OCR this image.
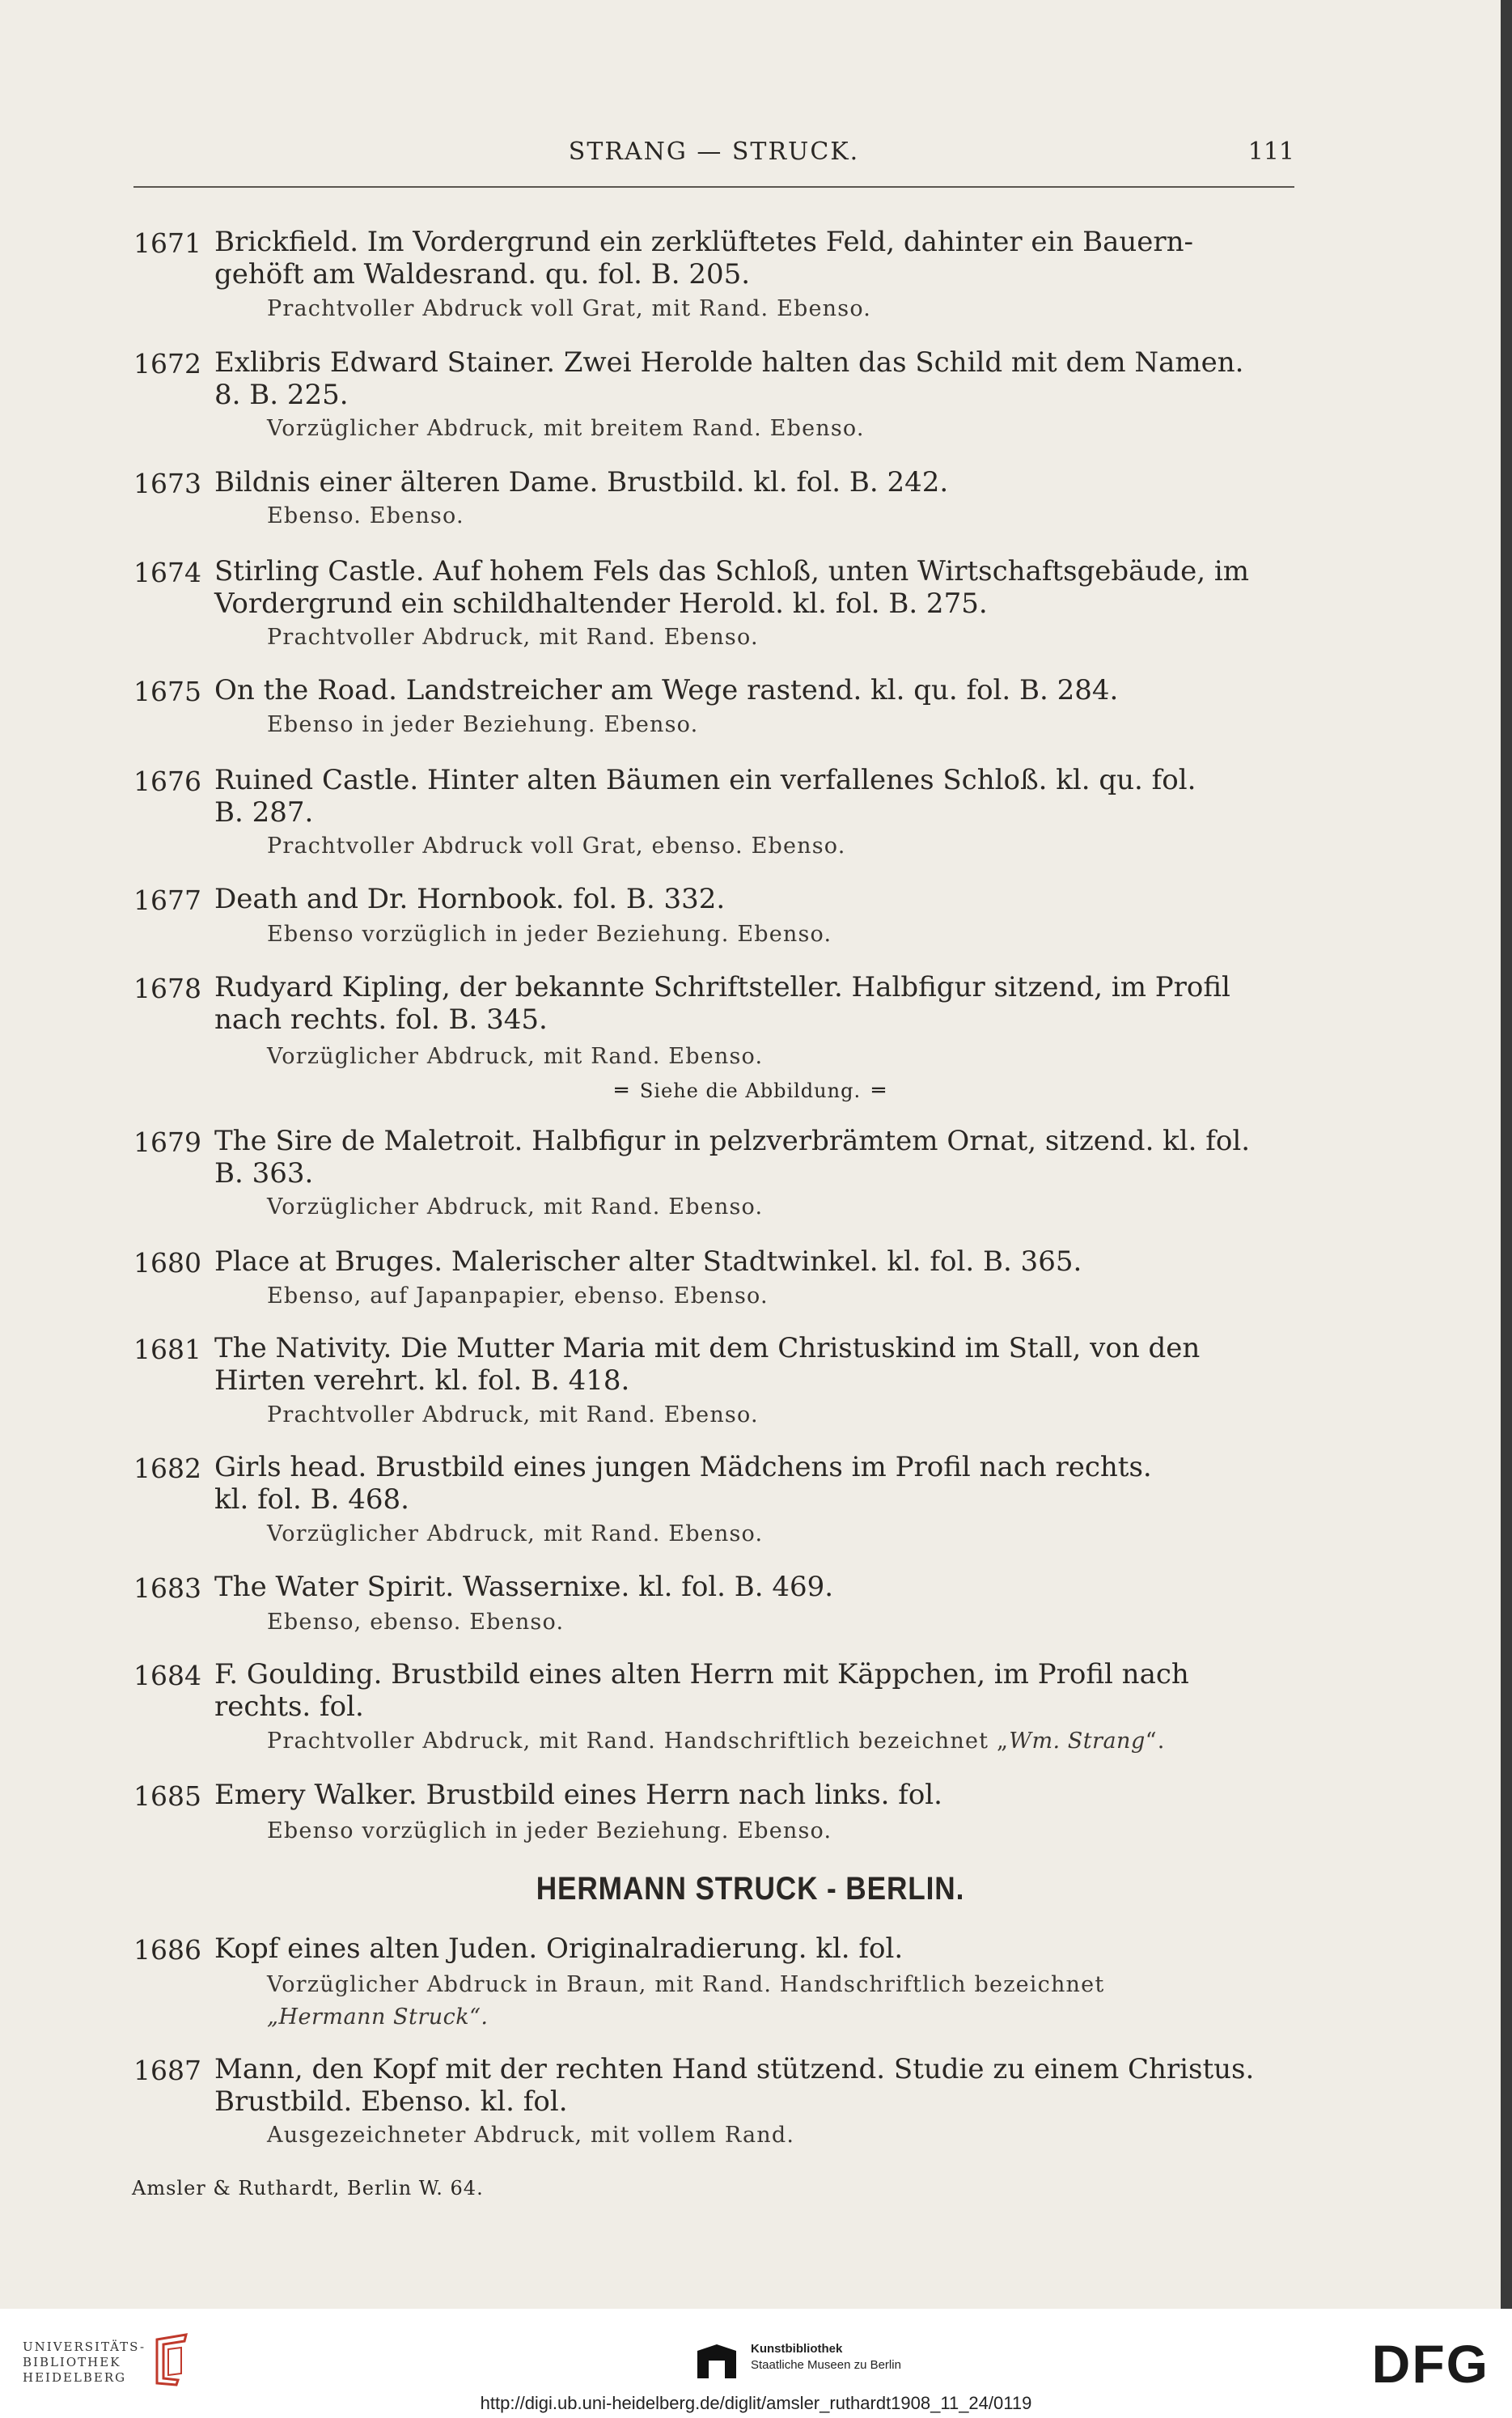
STRANG — STRUCK.	111
1671 Brickfield. Im Vordergrund ein zerklüftetes Feld, dahinter ein Bauern-
gehöft am Waldesrand. qu. fol. B. 205.
Prachtvoller Abdruck voll Grat, mit Rand. Ebenso.
1672 Exlibris Edward Stainer. Zwei Herolde halten das Schild mit dem Namen.
8. B. 225.
Vorzüglicher Abdruck, mit breitem Rand. Ebenso.
1673 Bildnis einer älteren Dame. Brustbild. kl. fol. B. 242.
Ebenso. Ebenso.
1674 Stirling Castle. Auf hohem Fels das Schloß, unten Wirtschaftsgebäude, im
Vordergrund ein schildhaltender Herold. kl. fol. B. 275.
Prachtvoller Abdruck, mit Rand. Ebenso.
1675 On the Road. Landstreicher am Wege rastend. kl. qu. fol. B. 284.
Ebenso in jeder Beziehung. Ebenso.
1676 Ruined Castle. Hinter alten Bäumen ein verfallenes Schloß. kl. qu. fol.
B. 287.
Prachtvoller Abdruck voll Grat, ebenso. Ebenso.
1677 Death and Dr. Hornbook. fol. B. 332.
Ebenso vorzüglich in jeder Beziehung. Ebenso.
1678 Rudyard Kipling, der bekannte Schriftsteller. Halbfigur sitzend, im Profil
nach rechts. fol. B. 345.
Vorzüglicher Abdruck, mit Rand. Ebenso.
═ Siehe die Abbildung. ═
1679 The Sire de Maletroit. Halbfigur in pelzverbrämtem Ornat, sitzend. kl. fol.
B. 363.
Vorzüglicher Abdruck, mit Rand. Ebenso.
1680 Place at Bruges. Malerischer alter Stadtwinkel. kl. fol. B. 365.
Ebenso, auf Japanpapier, ebenso. Ebenso.
1681 The Nativity. Die Mutter Maria mit dem Christuskind im Stall, von den
Hirten verehrt. kl. fol. B. 418.
Prachtvoller Abdruck, mit Rand. Ebenso.
1682 Girls head. Brustbild eines jungen Mädchens im Profil nach rechts.
kl. fol. B. 468.
Vorzüglicher Abdruck, mit Rand. Ebenso.
1683 The Water Spirit. Wassernixe. kl. fol. B. 469.
Ebenso, ebenso. Ebenso.
1684 F. Goulding. Brustbild eines alten Herrn mit Käppchen, im Profil nach
rechts. fol.
Prachtvoller Abdruck, mit Rand. Handschriftlich bezeichnet „Wm. Strang“.
1685 Emery Walker. Brustbild eines Herrn nach links. fol.
Ebenso vorzüglich in jeder Beziehung. Ebenso.
HERMANN STRUCK - BERLIN.
1686 Kopf eines alten Juden. Originalradierung. kl. fol.
Vorzüglicher Abdruck in Braun, mit Rand. Handschriftlich bezeichnet
„Hermann Struck“.
1687 Mann, den Kopf mit der rechten Hand stützend. Studie zu einem Christus.
Brustbild. Ebenso. kl. fol.
Ausgezeichneter Abdruck, mit vollem Rand.
Amsler & Ruthardt, Berlin W. 64.
UNIVERSITÄTS-
BIBLIOTHEK
HEIDELBERG
Kunstbibliothek
Staatliche Museen zu Berlin	DFG
http://digi.ub.uni-heidelberg.de/diglit/amsler_ruthardt1908_11_24/0119
